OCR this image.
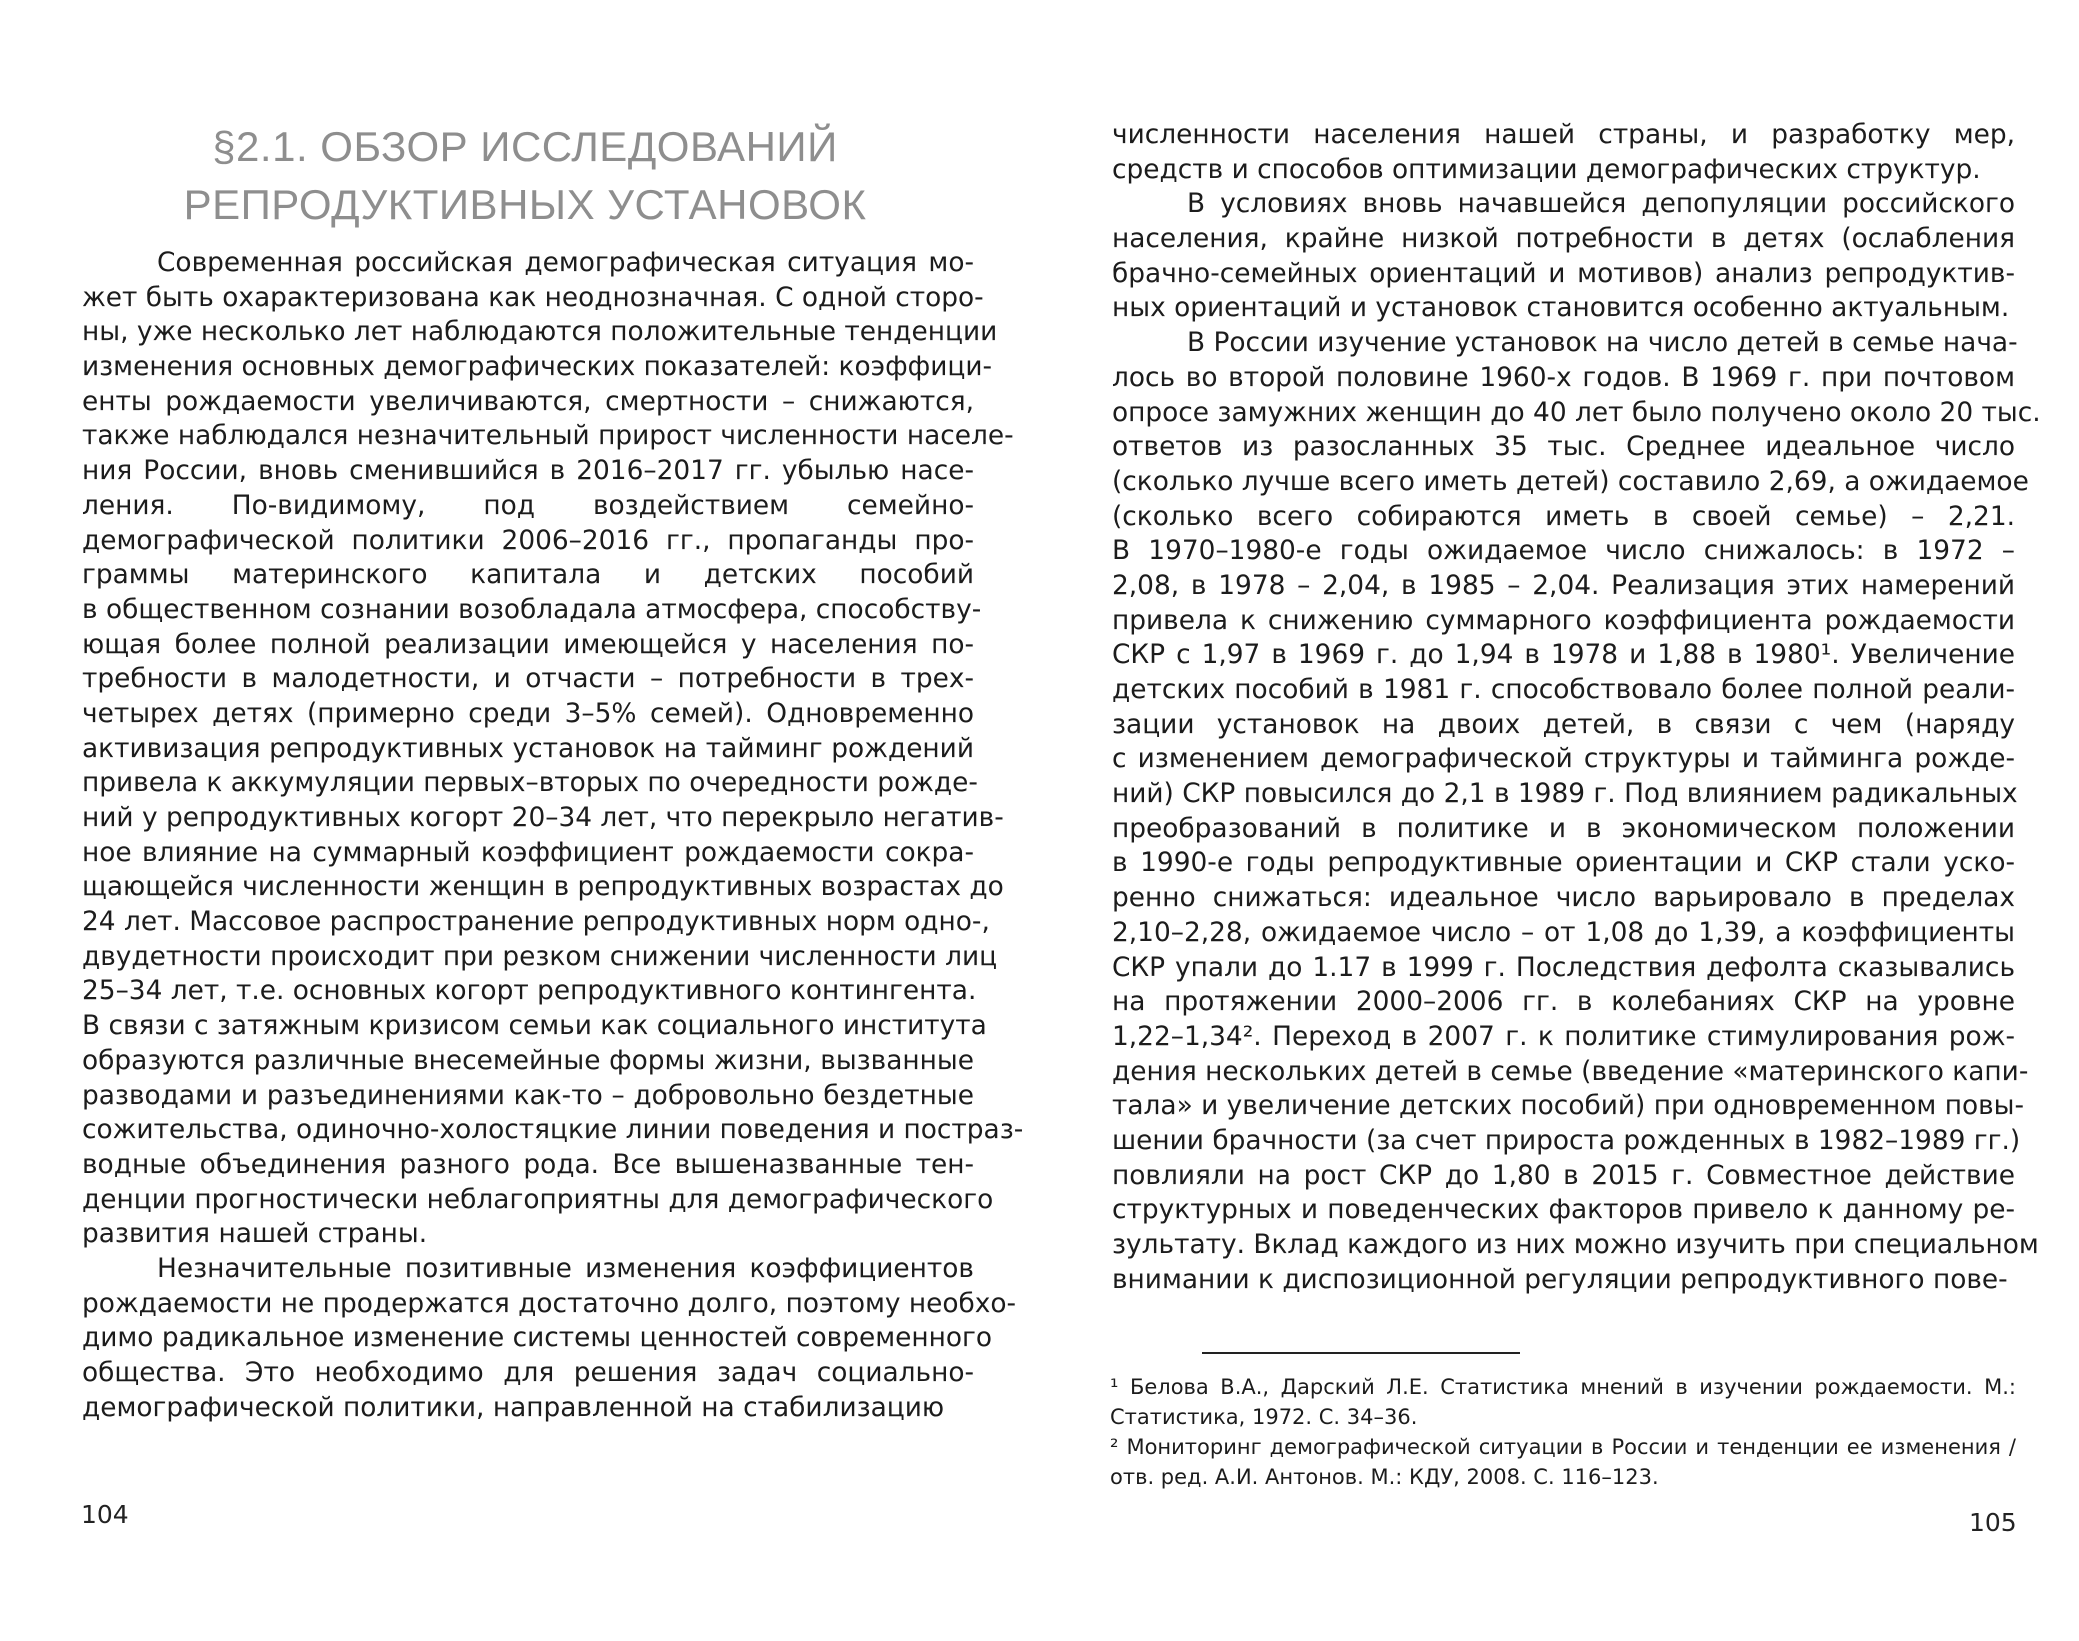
§2.1. ОБЗОР ИССЛЕДОВАНИЙ
РЕПРОДУКТИВНЫХ УСТАНОВОК
Современная российская демографическая ситуация мо-
жет быть охарактеризована как неоднозначная. С одной сторо-
ны, уже несколько лет наблюдаются положительные тенденции
изменения основных демографических показателей: коэффици-
енты рождаемости увеличиваются, смертности – снижаются,
также наблюдался незначительный прирост численности населе-
ния России, вновь сменившийся в 2016–2017 гг. убылью насе-
ления. По-видимому, под воздействием семейно-
демографической политики 2006–2016 гг., пропаганды про-
граммы материнского капитала и детских пособий
в общественном сознании возобладала атмосфера, способству-
ющая более полной реализации имеющейся у населения по-
требности в малодетности, и отчасти – потребности в трех-
четырех детях (примерно среди 3–5% семей). Одновременно
активизация репродуктивных установок на тайминг рождений
привела к аккумуляции первых–вторых по очередности рожде-
ний у репродуктивных когорт 20–34 лет, что перекрыло негатив-
ное влияние на суммарный коэффициент рождаемости сокра-
щающейся численности женщин в репродуктивных возрастах до
24 лет. Массовое распространение репродуктивных норм одно-,
двудетности происходит при резком снижении численности лиц
25–34 лет, т.е. основных когорт репродуктивного контингента.
В связи с затяжным кризисом семьи как социального института
образуются различные внесемейные формы жизни, вызванные
разводами и разъединениями как-то – добровольно бездетные
сожительства, одиночно-холостяцкие линии поведения и постраз-
водные объединения разного рода. Все вышеназванные тен-
денции прогностически неблагоприятны для демографического
развития нашей страны.
Незначительные позитивные изменения коэффициентов
рождаемости не продержатся достаточно долго, поэтому необхо-
димо радикальное изменение системы ценностей современного
общества. Это необходимо для решения задач социально-
демографической политики, направленной на стабилизацию
104
численности населения нашей страны, и разработку мер,
средств и способов оптимизации демографических структур.
В условиях вновь начавшейся депопуляции российского
населения, крайне низкой потребности в детях (ослабления
брачно-семейных ориентаций и мотивов) анализ репродуктив-
ных ориентаций и установок становится особенно актуальным.
В России изучение установок на число детей в семье нача-
лось во второй половине 1960-х годов. В 1969 г. при почтовом
опросе замужних женщин до 40 лет было получено около 20 тыс.
ответов из разосланных 35 тыс. Среднее идеальное число
(сколько лучше всего иметь детей) составило 2,69, а ожидаемое
(сколько всего собираются иметь в своей семье) – 2,21.
В 1970–1980-е годы ожидаемое число снижалось: в 1972 –
2,08, в 1978 – 2,04, в 1985 – 2,04. Реализация этих намерений
привела к снижению суммарного коэффициента рождаемости
СКР с 1,97 в 1969 г. до 1,94 в 1978 и 1,88 в 1980¹. Увеличение
детских пособий в 1981 г. способствовало более полной реали-
зации установок на двоих детей, в связи с чем (наряду
с изменением демографической структуры и тайминга рожде-
ний) СКР повысился до 2,1 в 1989 г. Под влиянием радикальных
преобразований в политике и в экономическом положении
в 1990-е годы репродуктивные ориентации и СКР стали уско-
ренно снижаться: идеальное число варьировало в пределах
2,10–2,28, ожидаемое число – от 1,08 до 1,39, а коэффициенты
СКР упали до 1.17 в 1999 г. Последствия дефолта сказывались
на протяжении 2000–2006 гг. в колебаниях СКР на уровне
1,22–1,34². Переход в 2007 г. к политике стимулирования рож-
дения нескольких детей в семье (введение «материнского капи-
тала» и увеличение детских пособий) при одновременном повы-
шении брачности (за счет прироста рожденных в 1982–1989 гг.)
повлияли на рост СКР до 1,80 в 2015 г. Совместное действие
структурных и поведенческих факторов привело к данному ре-
зультату. Вклад каждого из них можно изучить при специальном
внимании к диспозиционной регуляции репродуктивного пове-
¹ Белова В.А., Дарский Л.Е. Статистика мнений в изучении рождаемости. М.:
Статистика, 1972. С. 34–36.
² Мониторинг демографической ситуации в России и тенденции ее изменения /
отв. ред. А.И. Антонов. М.: КДУ, 2008. С. 116–123.
105
